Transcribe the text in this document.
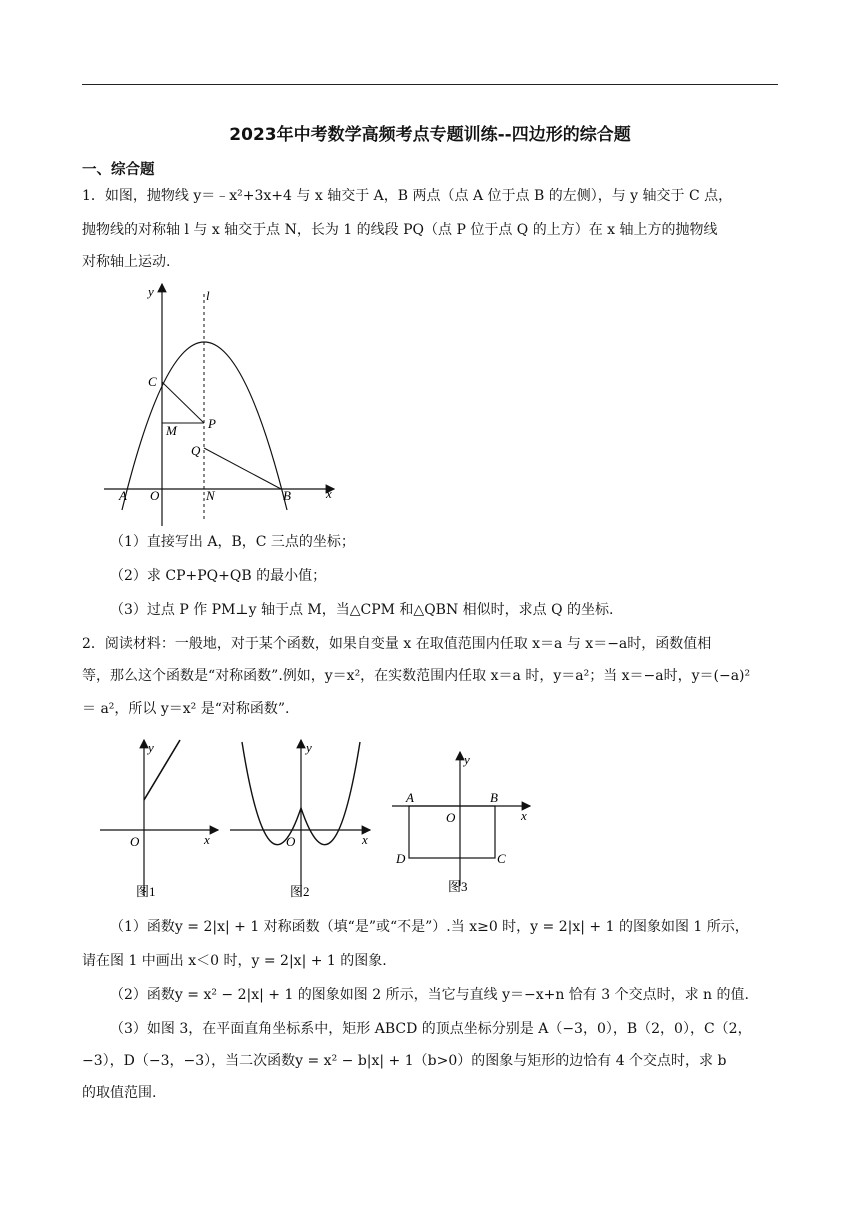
2023年中考数学高频考点专题训练--四边形的综合题
一、综合题
1．如图，抛物线 y＝﹣x²+3x+4 与 x 轴交于 A，B 两点（点 A 位于点 B 的左侧），与 y 轴交于 C 点，
抛物线的对称轴 l 与 x 轴交于点 N，长为 1 的线段 PQ（点 P 位于点 Q 的上方）在 x 轴上方的抛物线
对称轴上运动.
y	l
C
M P
Q
A O	N	B	x
（1）直接写出 A，B，C 三点的坐标；
（2）求 CP+PQ+QB 的最小值；
（3）过点 P 作 PM⊥y 轴于点 M，当△CPM 和△QBN 相似时，求点 Q 的坐标.
2．阅读材料：一般地，对于某个函数，如果自变量 x 在取值范围内任取 x＝a 与 x＝−a时，函数值相
等，那么这个函数是“对称函数”.例如，y＝x²，在实数范围内任取 x＝a 时，y＝a²；当 x＝−a时，y＝(−a)²
＝ a²，所以 y＝x² 是“对称函数”.
y
O	x
图1
y
O	x
图2
y
A	B
O	x
D	C
图3
（1）函数y = 2|x| + 1 对称函数（填“是”或“不是”）.当 x≥0 时，y = 2|x| + 1 的图象如图 1 所示，
请在图 1 中画出 x＜0 时，y = 2|x| + 1 的图象.
（2）函数y = x² − 2|x| + 1 的图象如图 2 所示，当它与直线 y＝−x+n 恰有 3 个交点时，求 n 的值.
（3）如图 3，在平面直角坐标系中，矩形 ABCD 的顶点坐标分别是 A（−3，0），B（2，0），C（2，
−3），D（−3，−3），当二次函数y = x² − b|x| + 1（b>0）的图象与矩形的边恰有 4 个交点时，求 b
的取值范围.
